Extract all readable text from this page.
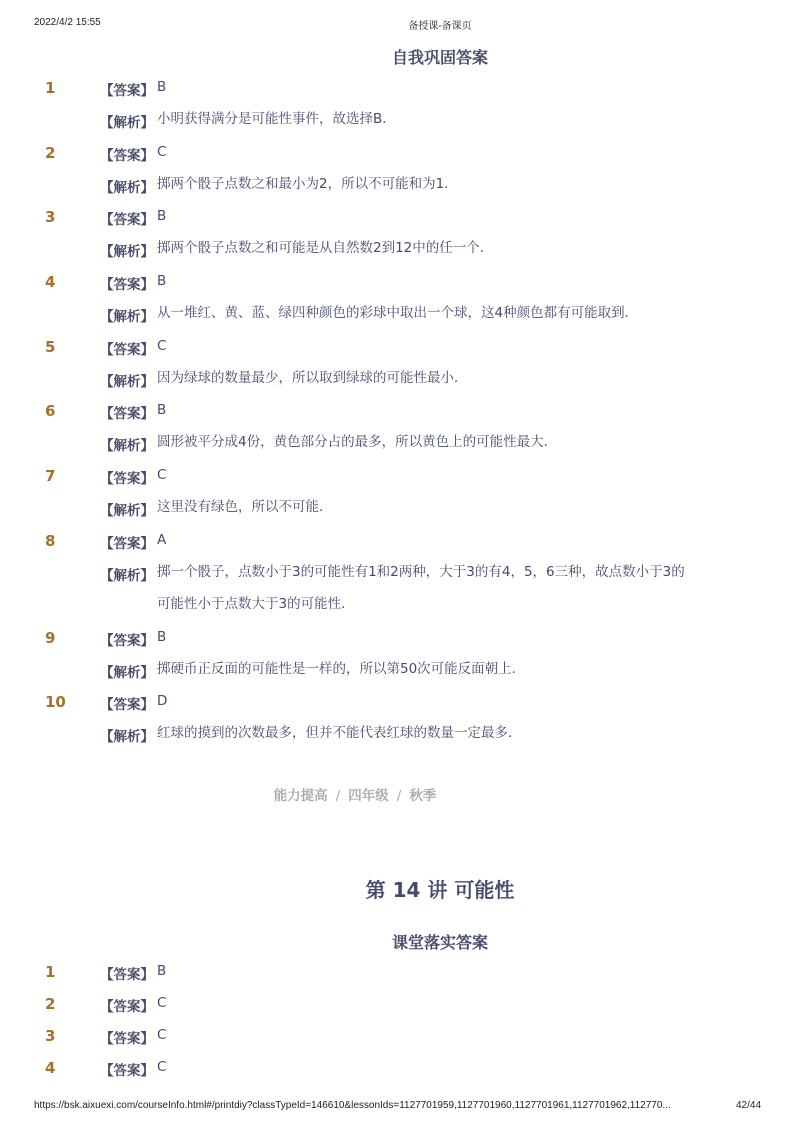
2022/4/2 15:55	备授课-备课页
自我巩固答案
1	【答案】 B
【解析】 小明获得满分是可能性事件，故选择B．
2	【答案】 C
【解析】 掷两个骰子点数之和最小为2，所以不可能和为1．
3	【答案】 B
【解析】 掷两个骰子点数之和可能是从自然数2到12中的任一个．
4	【答案】 B
【解析】 从一堆红、黄、蓝、绿四种颜色的彩球中取出一个球，这4种颜色都有可能取到．
5	【答案】 C
【解析】 因为绿球的数量最少，所以取到绿球的可能性最小．
6	【答案】 B
【解析】 圆形被平分成4份，黄色部分占的最多，所以黄色上的可能性最大．
7	【答案】 C
【解析】 这里没有绿色，所以不可能．
8	【答案】 A
【解析】 掷一个骰子，点数小于3的可能性有1和2两种，大于3的有4，5，6三种，故点数小于3的
可能性小于点数大于3的可能性．
9	【答案】 B
【解析】 掷硬币正反面的可能性是一样的，所以第50次可能反面朝上．
10	【答案】 D
【解析】 红球的摸到的次数最多，但并不能代表红球的数量一定最多．
能力提高 / 四年级 / 秋季
第 14 讲 可能性
课堂落实答案
1	【答案】 B
2	【答案】 C
3	【答案】 C
4	【答案】 C
https://bsk.aixuexi.com/courseInfo.html#/printdiy?classTypeId=146610&lessonIds=1127701959,1127701960,1127701961,1127701962,112770...	42/44
